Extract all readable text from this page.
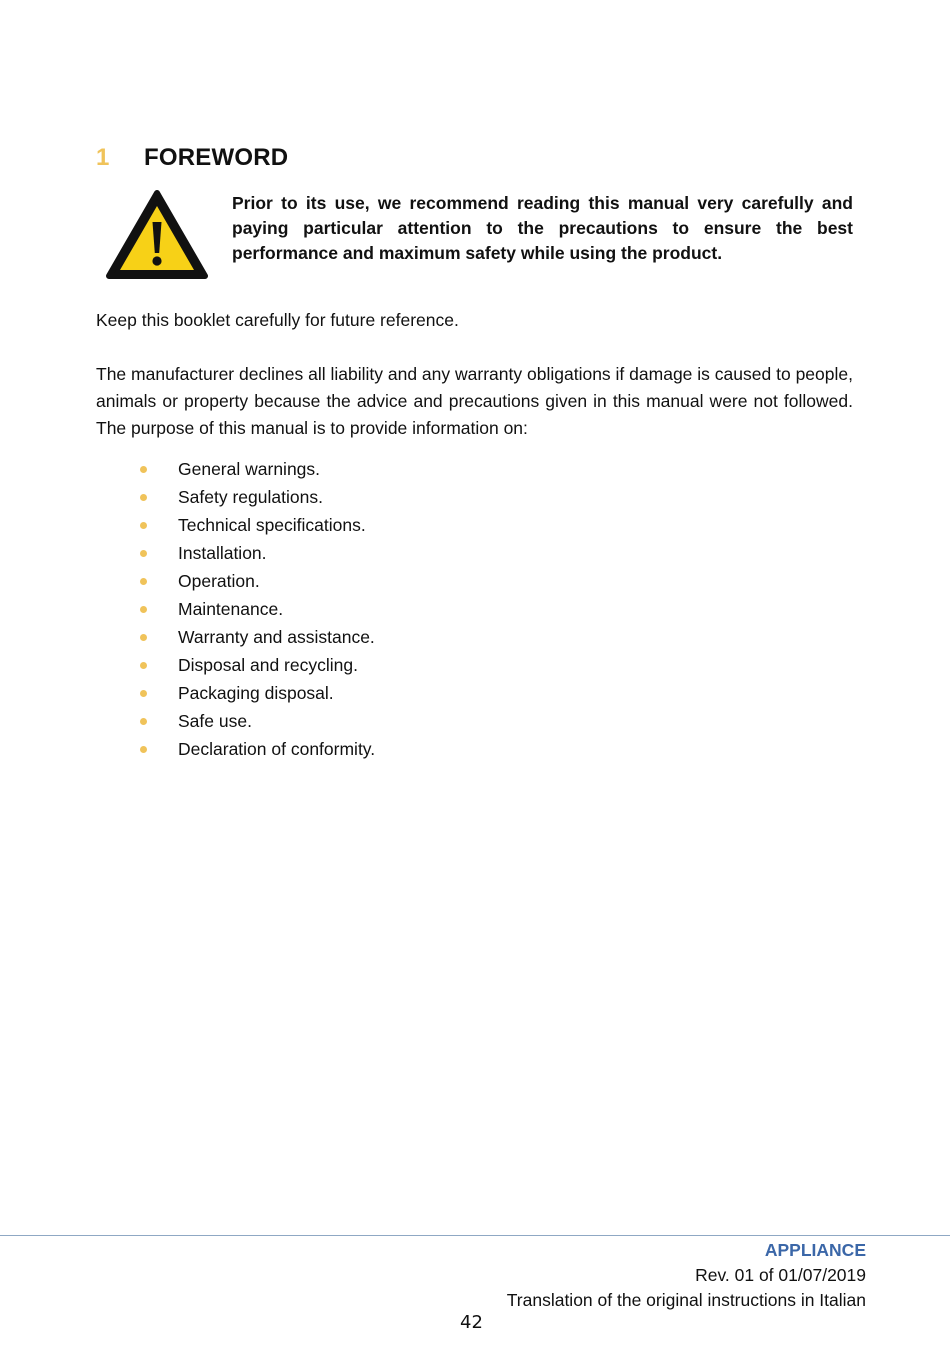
1	FOREWORD
Prior to its use, we recommend reading this manual very carefully and paying particular attention to the precautions to ensure the best performance and maximum safety while using the product.

Keep this booklet carefully for future reference.

The manufacturer declines all liability and any warranty obligations if damage is caused to people, animals or property because the advice and precautions given in this manual were not followed. The purpose of this manual is to provide information on:

General warnings.
Safety regulations.
Technical specifications.
Installation.
Operation.
Maintenance.
Warranty and assistance.
Disposal and recycling.
Packaging disposal.
Safe use.
Declaration of conformity.
APPLIANCE
Rev. 01 of 01/07/2019
Translation of the original instructions in Italian
42
